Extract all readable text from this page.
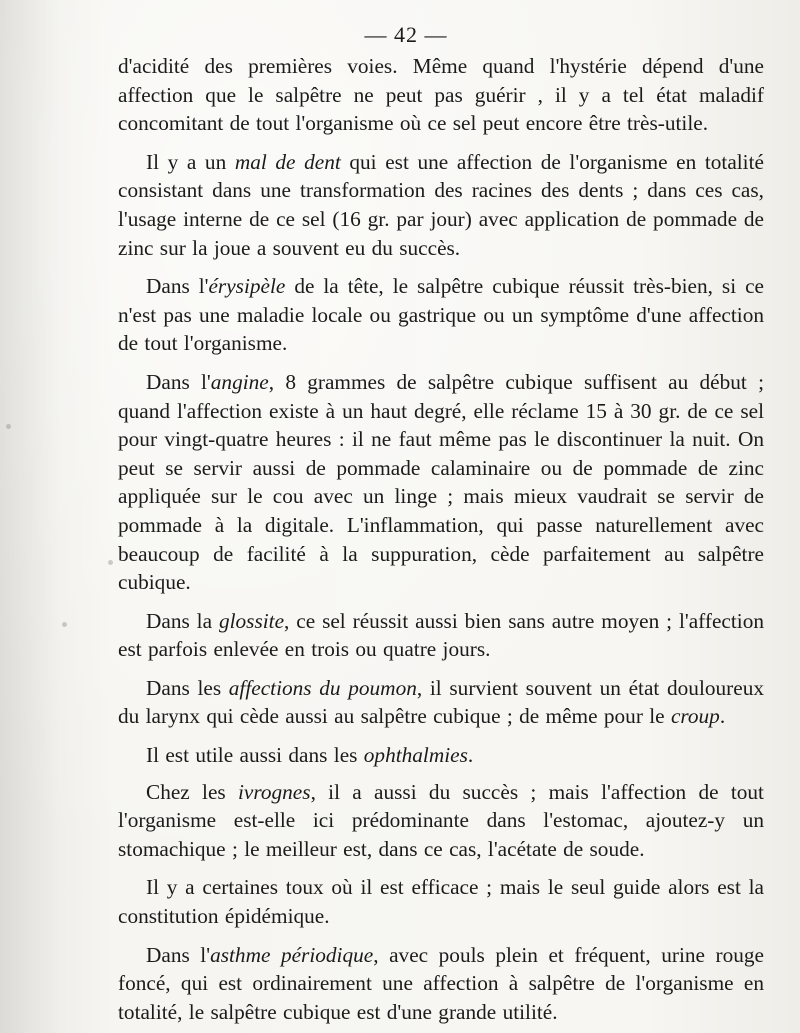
— 42 —

d'acidité des premières voies. Même quand l'hystérie dépend d'une affection que le salpêtre ne peut pas guérir , il y a tel état maladif concomitant de tout l'organisme où ce sel peut encore être très-utile.

Il y a un mal de dent qui est une affection de l'organisme en totalité consistant dans une transformation des racines des dents ; dans ces cas, l'usage interne de ce sel (16 gr. par jour) avec application de pommade de zinc sur la joue a souvent eu du succès.

Dans l'érysipèle de la tête, le salpêtre cubique réussit très-bien, si ce n'est pas une maladie locale ou gastrique ou un symptôme d'une affection de tout l'organisme.

Dans l'angine, 8 grammes de salpêtre cubique suffisent au début ; quand l'affection existe à un haut degré, elle réclame 15 à 30 gr. de ce sel pour vingt-quatre heures : il ne faut même pas le discontinuer la nuit. On peut se servir aussi de pommade calaminaire ou de pommade de zinc appliquée sur le cou avec un linge ; mais mieux vaudrait se servir de pommade à la digitale. L'inflammation, qui passe naturellement avec beaucoup de facilité à la suppuration, cède parfaitement au salpêtre cubique.

Dans la glossite, ce sel réussit aussi bien sans autre moyen ; l'affection est parfois enlevée en trois ou quatre jours.

Dans les affections du poumon, il survient souvent un état douloureux du larynx qui cède aussi au salpêtre cubique ; de même pour le croup.

Il est utile aussi dans les ophthalmies.

Chez les ivrognes, il a aussi du succès ; mais l'affection de tout l'organisme est-elle ici prédominante dans l'estomac, ajoutez-y un stomachique ; le meilleur est, dans ce cas, l'acétate de soude.

Il y a certaines toux où il est efficace ; mais le seul guide alors est la constitution épidémique.

Dans l'asthme périodique, avec pouls plein et fréquent, urine rouge foncé, qui est ordinairement une affection à salpêtre de l'organisme en totalité, le salpêtre cubique est d'une grande utilité.
